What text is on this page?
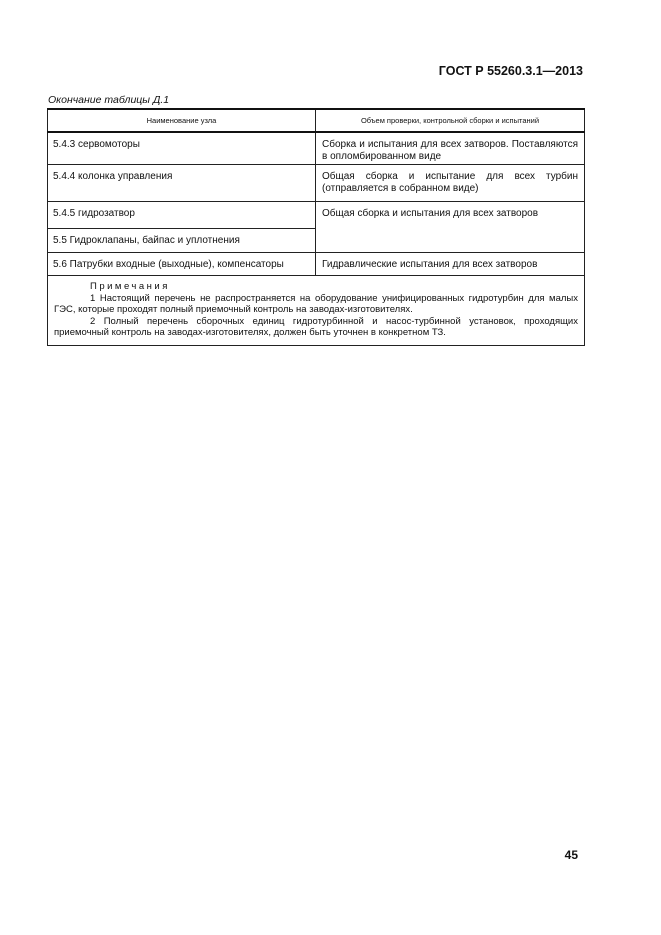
ГОСТ Р 55260.3.1—2013
Окончание таблицы Д.1
Наименование узла	Объем проверки, контрольной сборки и испытаний
5.4.3 сервомоторы	Сборка и испытания для всех затворов. Поставляются в опломбированном виде
5.4.4 колонка управления	Общая сборка и испытание для всех турбин (отправляется в собранном виде)
5.4.5 гидрозатвор	Общая сборка и испытания для всех затворов
5.5 Гидроклапаны, байпас и уплотнения	
5.6 Патрубки входные (выходные), компенсаторы	Гидравлические испытания для всех затворов

Примечания
1 Настоящий перечень не распространяется на оборудование унифицированных гидротурбин для малых ГЭС, которые проходят полный приемочный контроль на заводах-изготовителях.
2 Полный перечень сборочных единиц гидротурбинной и насос-турбинной установок, проходящих приемочный контроль на заводах-изготовителях, должен быть уточнен в конкретном ТЗ.	
45
